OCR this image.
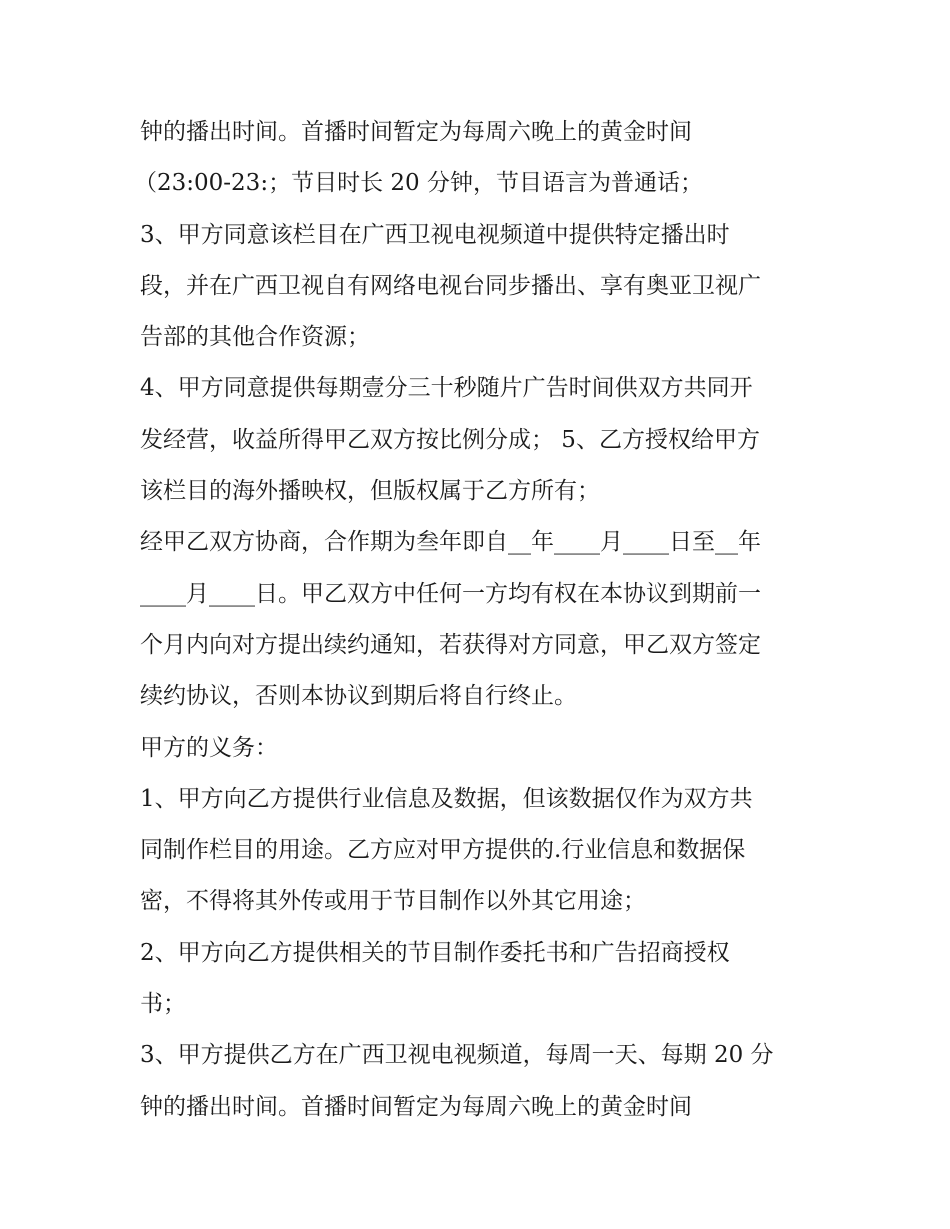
钟的播出时间。首播时间暂定为每周六晚上的黄金时间
（23:00-23:；节目时长 20 分钟，节目语言为普通话；
3、甲方同意该栏目在广西卫视电视频道中提供特定播出时
段，并在广西卫视自有网络电视台同步播出、享有奥亚卫视广
告部的其他合作资源；
4、甲方同意提供每期壹分三十秒随片广告时间供双方共同开
发经营，收益所得甲乙双方按比例分成； 5、乙方授权给甲方
该栏目的海外播映权，但版权属于乙方所有；
经甲乙双方协商，合作期为叁年即自__年____月____日至__年
____月____日。甲乙双方中任何一方均有权在本协议到期前一
个月内向对方提出续约通知，若获得对方同意，甲乙双方签定
续约协议，否则本协议到期后将自行终止。
甲方的义务：
1、甲方向乙方提供行业信息及数据，但该数据仅作为双方共
同制作栏目的用途。乙方应对甲方提供的.行业信息和数据保
密，不得将其外传或用于节目制作以外其它用途；
2、甲方向乙方提供相关的节目制作委托书和广告招商授权
书；
3、甲方提供乙方在广西卫视电视频道，每周一天、每期 20 分
钟的播出时间。首播时间暂定为每周六晚上的黄金时间
